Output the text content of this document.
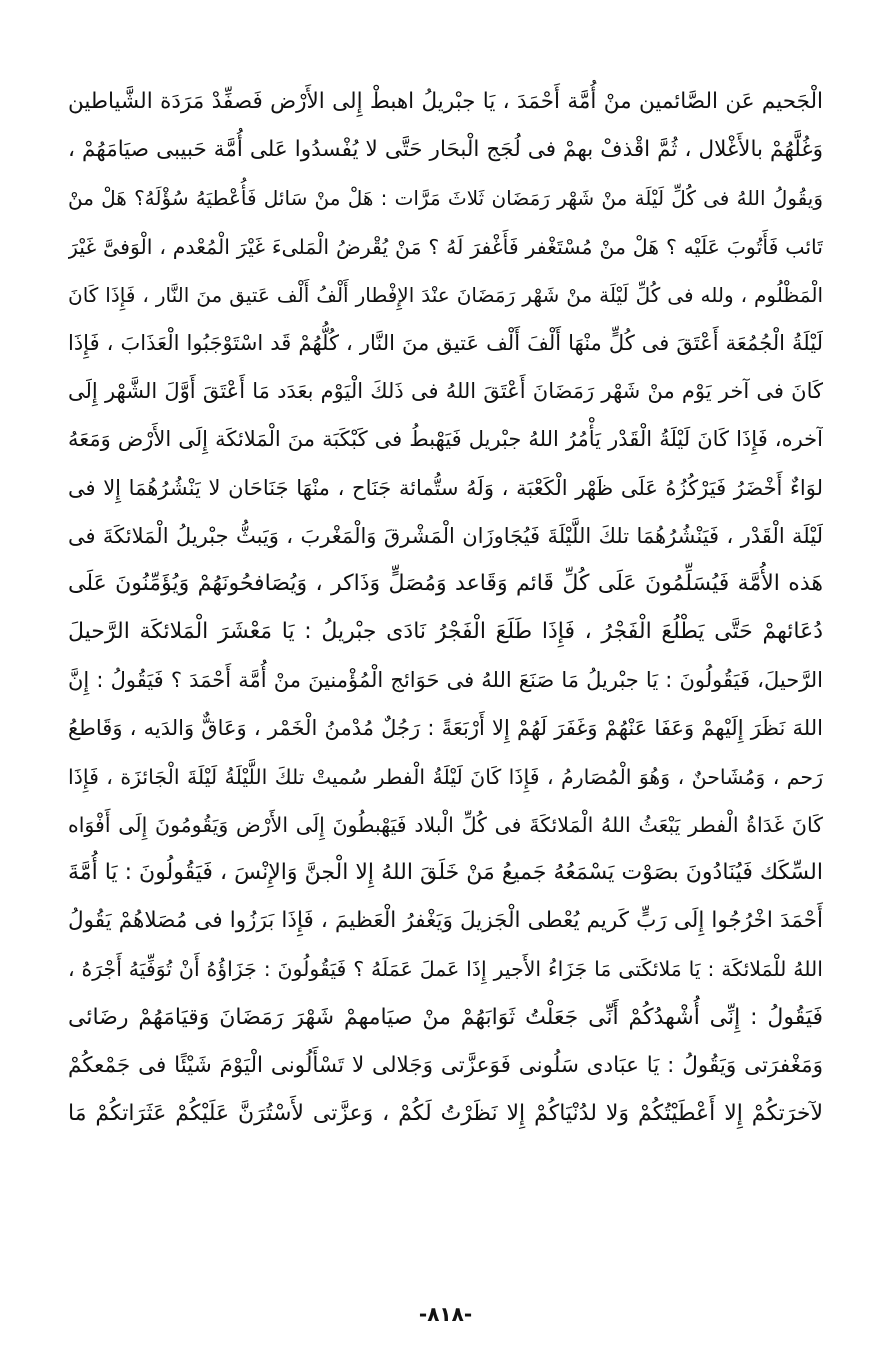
الْجَحيم عَن الصَّائمين منْ أُمَّة أَحْمَدَ ، يَا جبْريلُ اهبطْ إِلى الأَرْض فَصفِّدْ مَرَدَة الشَّياطين
وَغُلَّهُمْ بالأَغْلال ، ثُمَّ اقْذفْ بهمْ فى لُجَج الْبحَار حَتَّى لا يُفْسدُوا عَلى أُمَّة حَبيبى صيَامَهُمْ ،
وَيقُولُ اللهُ فى كُلِّ لَيْلَة منْ شَهْر رَمَضَان ثَلاثَ مَرَّات : هَلْ منْ سَائل فَأُعْطيَهُ سُؤْلَهُ؟ هَلْ منْ
تَائب فَأَتُوبَ عَلَيْه ؟ هَلْ منْ مُسْتَغْفر فَأَغْفرَ لَهُ ؟ مَنْ يُقْرضُ الْمَلىءَ غَيْرَ الْمُعْدم ، الْوَفىَّ غَيْرَ
الْمَظْلُوم ، ولله فى كُلِّ لَيْلَة منْ شَهْر رَمَضَانَ عنْدَ الإِفْطار أَلْفُ أَلْف عَتيق منَ النَّار ، فَإِذَا كَانَ
لَيْلَةُ الْجُمُعَة أَعْتَقَ فى كُلٍّ منْهَا أَلْفَ أَلْف عَتيق منَ النَّار ، كُلُّهُمْ قَد اسْتَوْجَبُوا الْعَذَابَ ، فَإِذَا
كَانَ فى آخر يَوْم منْ شَهْر رَمَضَانَ أَعْتَقَ اللهُ فى ذَلكَ الْيَوْم بعَدَد مَا أَعْتَقَ أَوَّلَ الشَّهْر إِلَى
آخره، فَإِذَا كَانَ لَيْلَةُ الْقَدْر يَأْمُرُ اللهُ جبْريل فَيَهْبطُ فى كَبْكَبَة منَ الْمَلائكَة إِلَى الأَرْض وَمَعَهُ
لوَاءٌ أَخْضَرُ فَيَرْكُزُهُ عَلَى ظَهْر الْكَعْبَة ، وَلَهُ ستُّمائة جَنَاح ، منْهَا جَنَاحَان لا يَنْشُرُهُمَا إِلا فى
لَيْلَة الْقَدْر ، فَيَنْشُرُهُمَا تلكَ اللَّيْلَةَ فَيُجَاوزَان الْمَشْرقَ وَالْمَغْربَ ، وَيَبثُّ جبْريلُ الْمَلائكَةَ فى
هَذه الأُمَّة فَيُسَلِّمُونَ عَلَى كُلِّ قَائم وَقَاعد وَمُصَلٍّ وَذَاكر ، وَيُصَافحُونَهُمْ وَيُؤَمِّنُونَ عَلَى
دُعَائهمْ حَتَّى يَطْلُعَ الْفَجْرُ ، فَإِذَا طَلَعَ الْفَجْرُ نَادَى جبْريلُ : يَا مَعْشَرَ الْمَلائكَة الرَّحيلَ
الرَّحيلَ، فَيَقُولُونَ : يَا جبْريلُ مَا صَنَعَ اللهُ فى حَوَائج الْمُؤْمنينَ منْ أُمَّة أَحْمَدَ ؟ فَيَقُولُ : إِنَّ
اللهَ نَظَرَ إِلَيْهمْ وَعَفَا عَنْهُمْ وَغَفَرَ لَهُمْ إِلا أَرْبَعَةً : رَجُلٌ مُدْمنُ الْخَمْر ، وَعَاقٌّ وَالدَيه ، وَقَاطعُ
رَحم ، وَمُشَاحنٌ ، وَهُوَ الْمُصَارمُ ، فَإِذَا كَانَ لَيْلَةُ الْفطر سُميتْ تلكَ اللَّيْلَةُ لَيْلَةَ الْجَائزَة ، فَإِذَا
كَانَ غَدَاةُ الْفطر يَبْعَثُ اللهُ الْمَلائكَةَ فى كُلِّ الْبلاد فَيَهْبطُونَ إِلَى الأَرْض وَيَقُومُونَ إِلَى أَفْوَاه
السِّكَك فَيُنَادُونَ بصَوْت يَسْمَعُهُ جَميعُ مَنْ خَلَقَ اللهُ إِلا الْجنَّ وَالإِنْسَ ، فَيَقُولُونَ : يَا أُمَّةَ
أَحْمَدَ اخْرُجُوا إِلَى رَبٍّ كَريم يُعْطى الْجَزيلَ وَيَغْفرُ الْعَظيمَ ، فَإِذَا بَرَزُوا فى مُصَلاهُمْ يَقُولُ
اللهُ للْمَلائكَة : يَا مَلائكَتى مَا جَزَاءُ الأَجير إِذَا عَملَ عَمَلَهُ ؟ فَيَقُولُونَ : جَزَاؤُهُ أَنْ تُوَفِّيَهُ أَجْرَهُ ،
فَيَقُولُ : إِنِّى أُشْهدُكُمْ أَنِّى جَعَلْتُ ثَوَابَهُمْ منْ صيَامهمْ شَهْرَ رَمَضَانَ وَقيَامَهُمْ رضَائى
وَمَغْفرَتى وَيَقُولُ : يَا عبَادى سَلُونى فَوَعزَّتى وَجَلالى لا تَسْأَلُونى الْيَوْمَ شَيْئًا فى جَمْعكُمْ
لآخرَتكُمْ إِلا أَعْطَيْتُكُمْ وَلا لدُنْيَاكُمْ إِلا نَظَرْتُ لَكُمْ ، وَعزَّتى لأَسْتُرَنَّ عَلَيْكُمْ عَثَرَاتكُمْ مَا
-٨١٨-
